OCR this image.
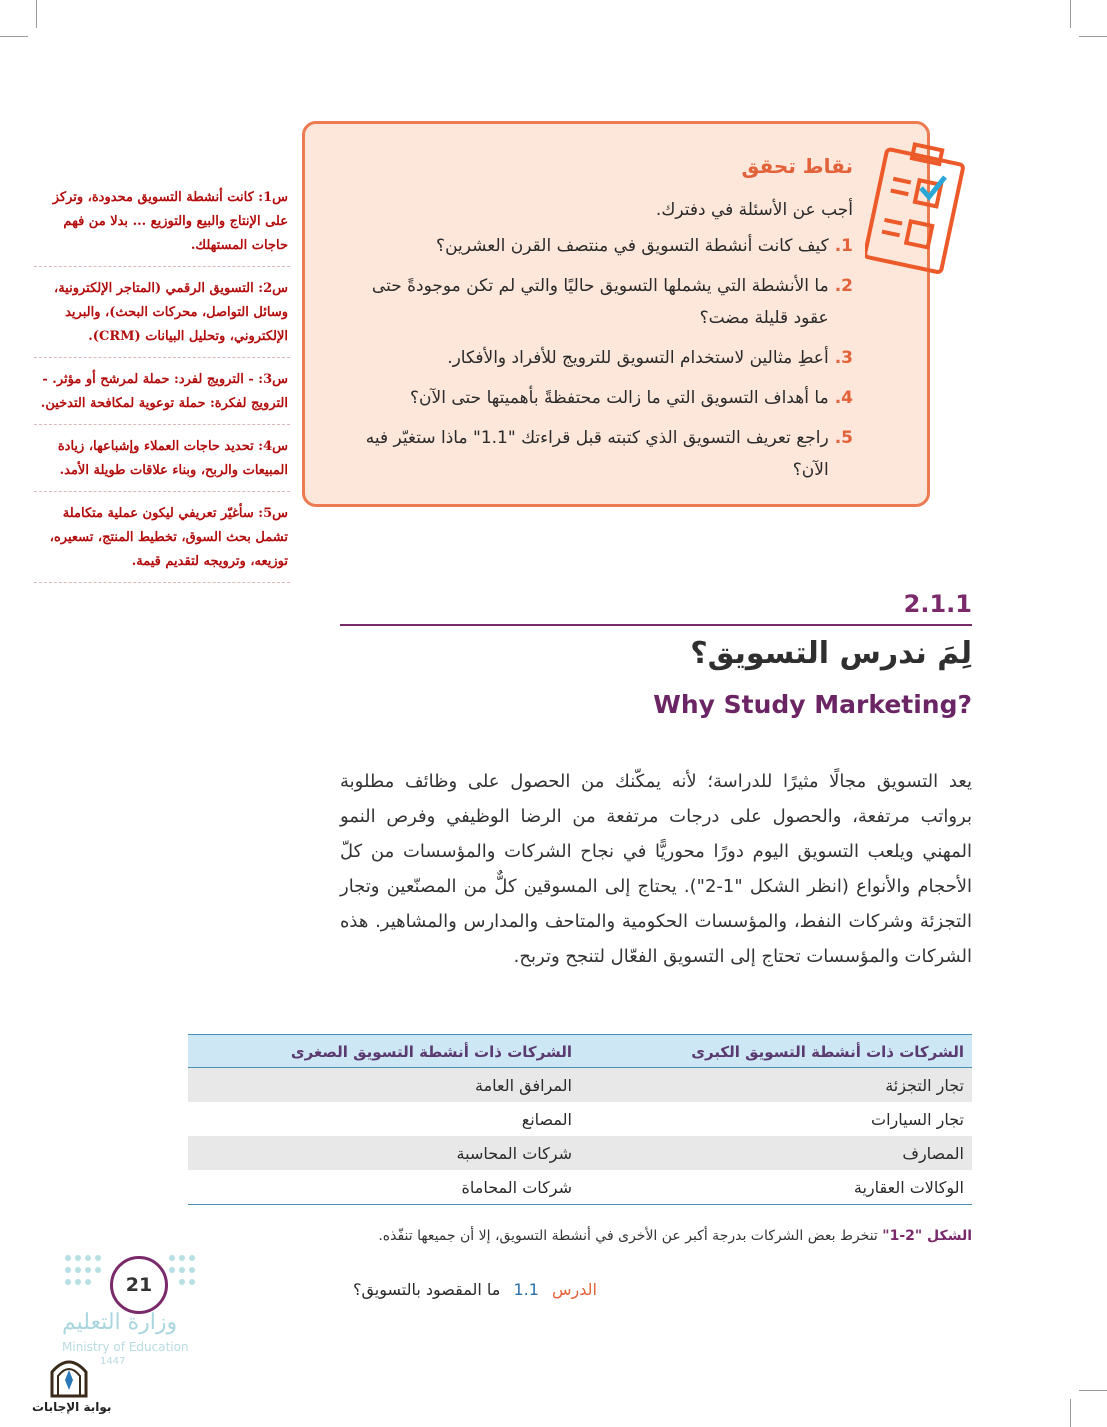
نقاط تحقق
أجب عن الأسئلة في دفترك.
1.
كيف كانت أنشطة التسويق في منتصف القرن العشرين؟
2.
ما الأنشطة التي يشملها التسويق حاليًا والتي لم تكن موجودةً حتى عقود قليلة مضت؟
3.
أعطِ مثالين لاستخدام التسويق للترويج للأفراد والأفكار.
4.
ما أهداف التسويق التي ما زالت محتفظةً بأهميتها حتى الآن؟
5.
راجع تعريف التسويق الذي كتبته قبل قراءتك "1.1" ماذا ستغيّر فيه الآن؟
س1: كانت أنشطة التسويق محدودة، وتركز على الإنتاج والبيع والتوزيع ... بدلا من فهم حاجات المستهلك.
س2: التسويق الرقمي (المتاجر الإلكترونية، وسائل التواصل، محركات البحث)، والبريد الإلكتروني، وتحليل البيانات (CRM).
س3: - الترويج لفرد: حملة لمرشح أو مؤثر. - الترويج لفكرة: حملة توعوية لمكافحة التدخين.
س4: تحديد حاجات العملاء وإشباعها، زيادة المبيعات والربح، وبناء علاقات طويلة الأمد.
س5: سأغيّر تعريفي ليكون عملية متكاملة تشمل بحث السوق، تخطيط المنتج، تسعيره، توزيعه، وترويجه لتقديم قيمة.
2.1.1
لِمَ ندرس التسويق؟
Why Study Marketing?

يعد التسويق مجالًا مثيرًا للدراسة؛ لأنه يمكّنك من الحصول على وظائف مطلوبة برواتب مرتفعة، والحصول على درجات مرتفعة من الرضا الوظيفي وفرص النمو المهني ويلعب التسويق اليوم دورًا محوريًّا في نجاح الشركات والمؤسسات من كلّ الأحجام والأنواع (انظر الشكل "1-2"). يحتاج إلى المسوقين كلٌّ من المصنّعين وتجار التجزئة وشركات النفط، والمؤسسات الحكومية والمتاحف والمدارس والمشاهير. هذه الشركات والمؤسسات تحتاج إلى التسويق الفعّال لتنجح وتربح.

الشركات ذات أنشطة التسويق الكبرى	الشركات ذات أنشطة التسويق الصغرى
تجار التجزئة	المرافق العامة
تجار السيارات	المصانع
المصارف	شركات المحاسبة
الوكالات العقارية	شركات المحاماة
الشكل "2-1" تنخرط بعض الشركات بدرجة أكبر عن الأخرى في أنشطة التسويق، إلا أن جميعها تنفّذه.
الدرس 1.1 ما المقصود بالتسويق؟
21
وزارة التعليم
Ministry of Education
1447
بوابة الإجابات
